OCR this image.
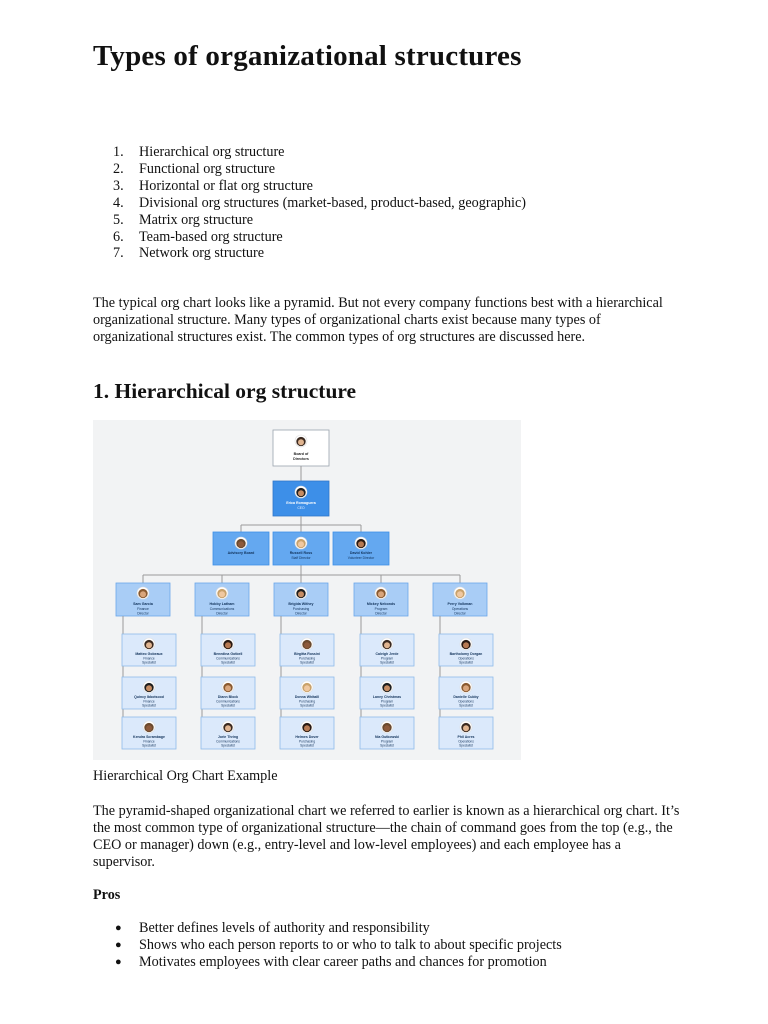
Types of organizational structures
1. Hierarchical org structure
2. Functional org structure
3. Horizontal or flat org structure
4. Divisional org structures (market-based, product-based, geographic)
5. Matrix org structure
6. Team-based org structure
7. Network org structure

The typical org chart looks like a pyramid. But not every company functions best with a hierarchical organizational structure. Many types of organizational charts exist because many types of organizational structures exist. The common types of org structures are discussed here.

1. Hierarchical org structure
Board of
Directors
Erica Romaguera
CEO
Advisory Board	Russell Ross
Staff Director
David Kohler
Volunteer Director
Sam Garcia
Finance
Director
Matteo Gobeaux
Finance
Specialist
Quincy Ibbotsood
Finance
Specialist
Kendra Scrambage
Finance
Specialist
Hobby Latham
Communications
Director
Benedina Gotbell
Communications
Specialist
Diann Block
Communications
Specialist
Jorie Thring
Communications
Specialist
Brigida Withey
Purchasing
Director
Birgitta Rossini
Purchasing
Specialist
Donna Whitaill
Purchasing
Specialist
Helmes Dover
Purchasing
Specialist
Mickey Nebonds
Program
Director
Caleigh Jerde
Program
Specialist
Laney Christmas
Program
Specialist
Nia Gutkowski
Program
Specialist
Perry Volkman
Operations
Director
Bartholomy Dorgan
Operations
Specialist
Danielle Cubby
Operations
Specialist
Phil Acres
Operations
Specialist

Hierarchical Org Chart Example

The pyramid-shaped organizational chart we referred to earlier is known as a hierarchical org chart. It’s the most common type of organizational structure—the chain of command goes from the top (e.g., the CEO or manager) down (e.g., entry-level and low-level employees) and each employee has a supervisor.

Pros

● Better defines levels of authority and responsibility
● Shows who each person reports to or who to talk to about specific projects
● Motivates employees with clear career paths and chances for promotion
